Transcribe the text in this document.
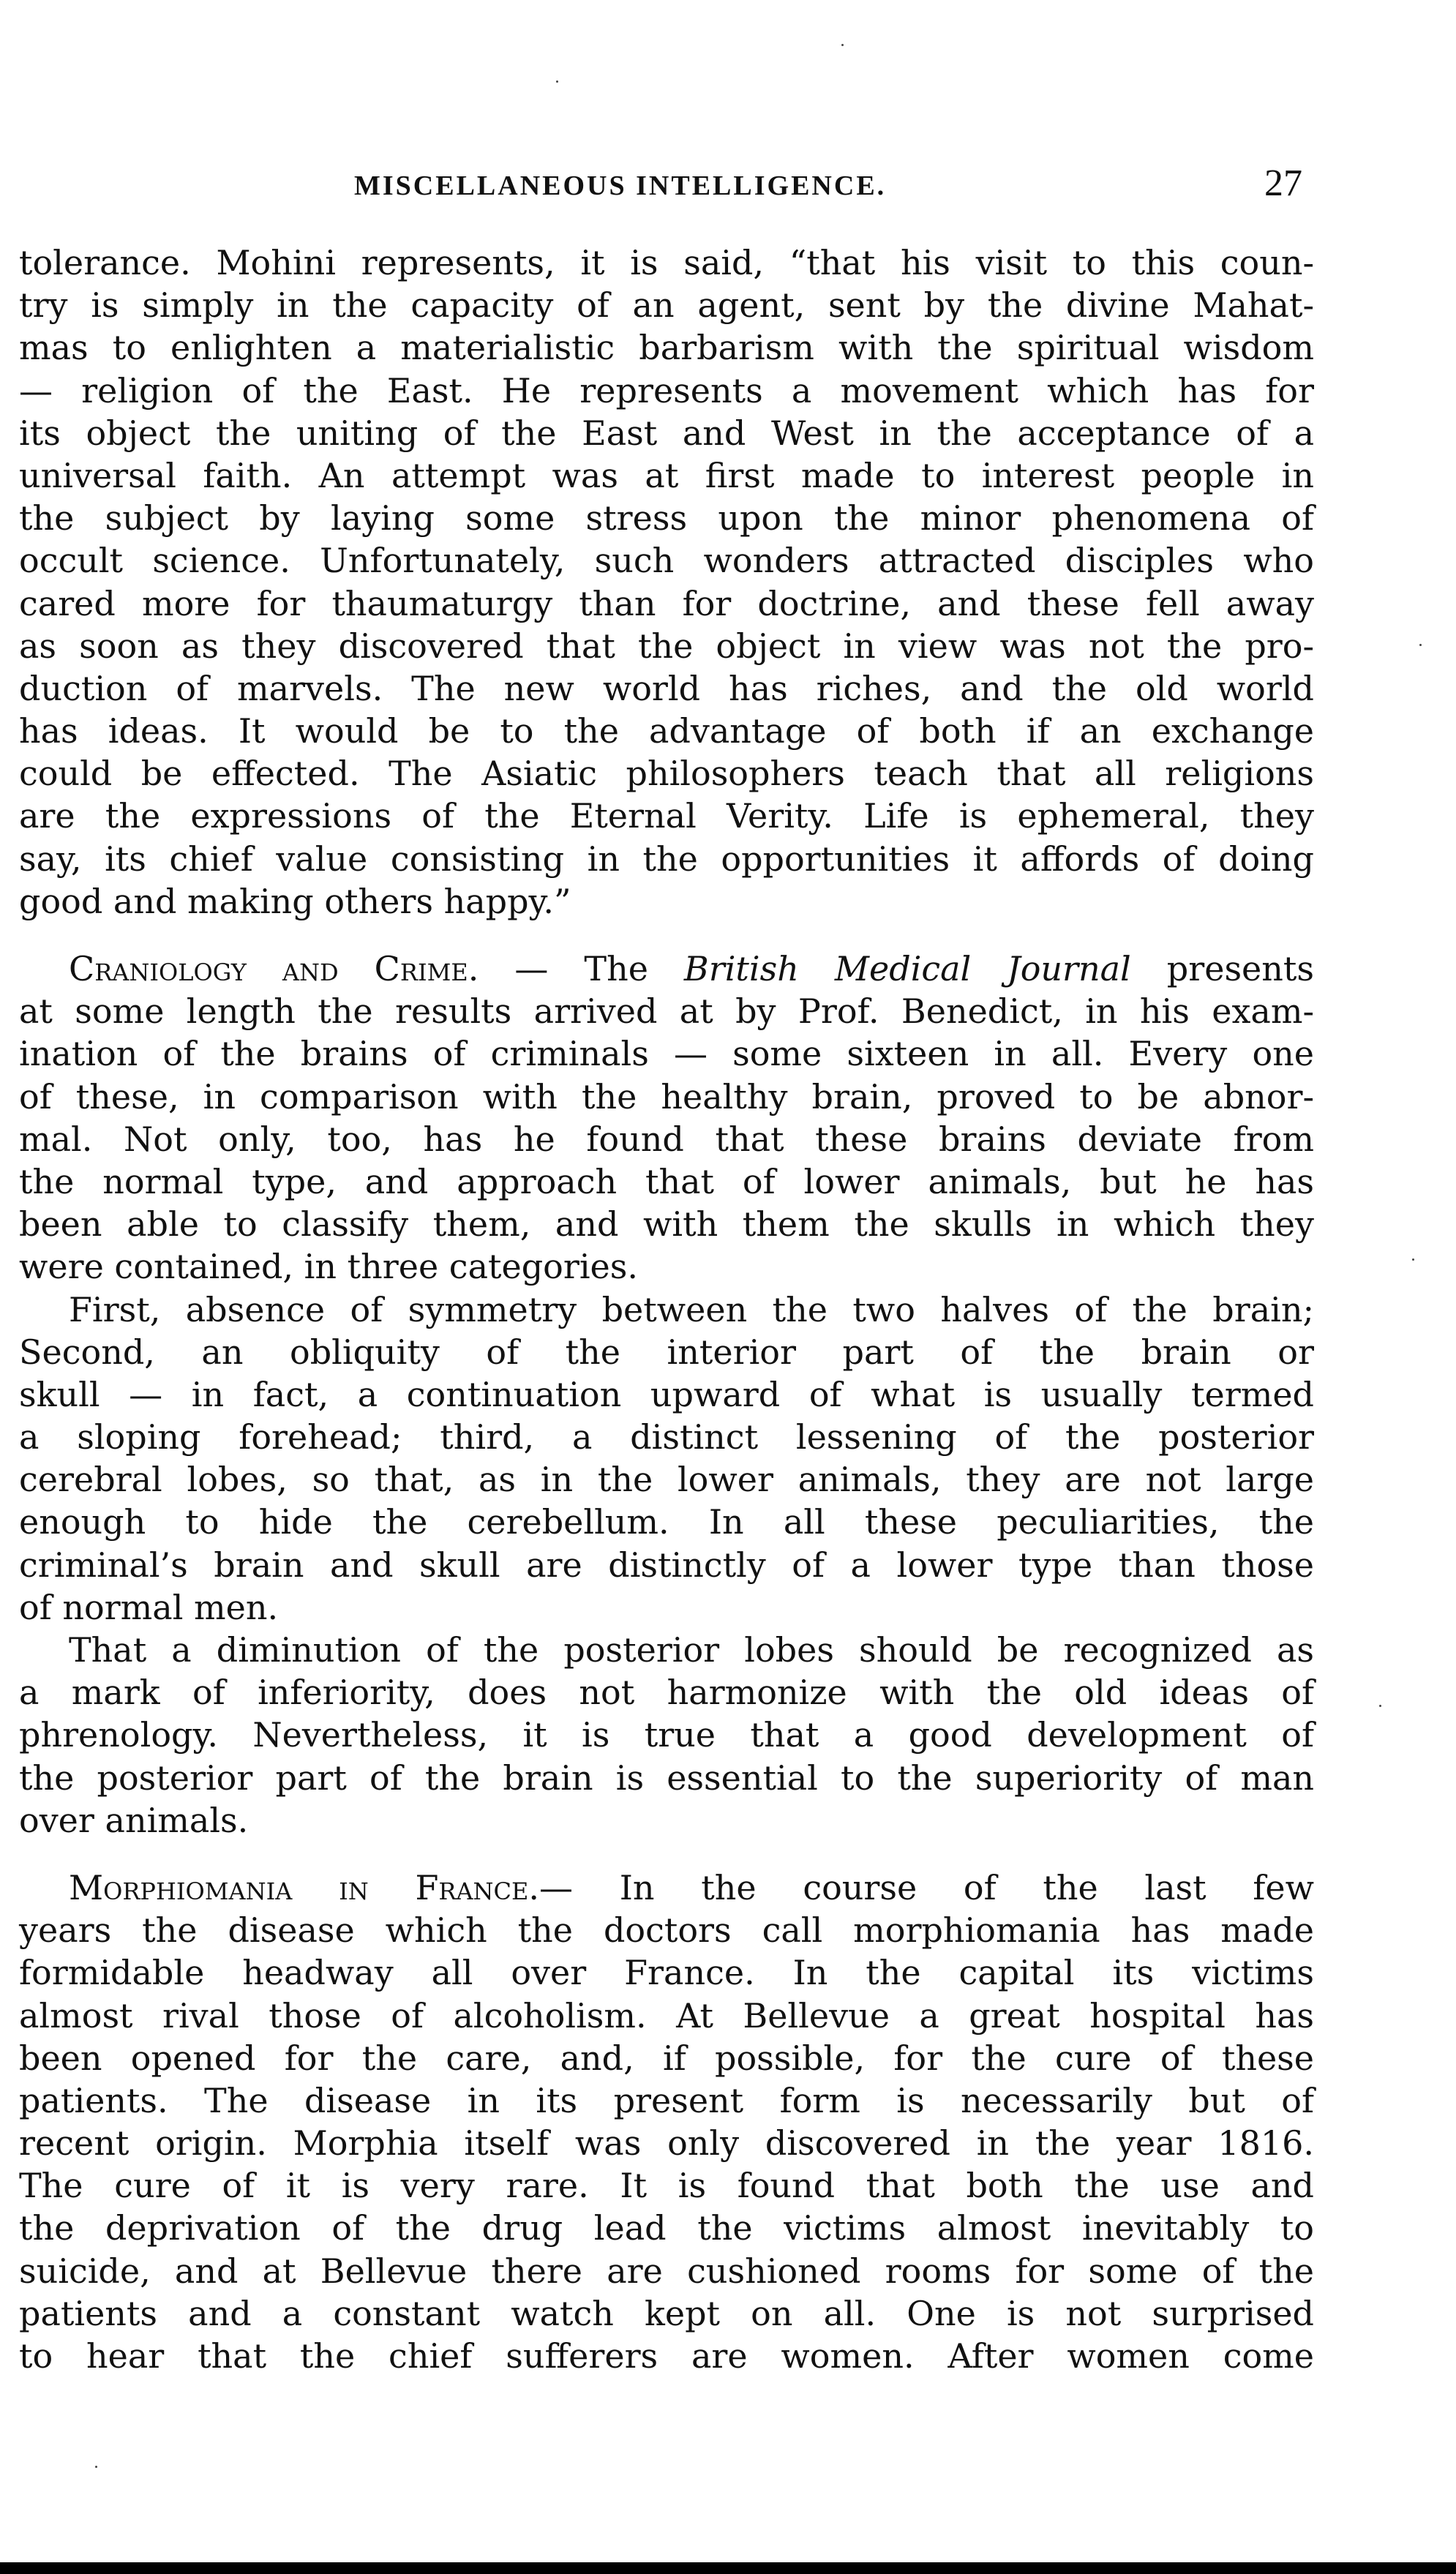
MISCELLANEOUS INTELLIGENCE.	27
tolerance. Mohini represents, it is said, “that his visit to this coun-
try is simply in the capacity of an agent, sent by the divine Mahat-
mas to enlighten a materialistic barbarism with the spiritual wisdom
— religion of the East. He represents a movement which has for
its object the uniting of the East and West in the acceptance of a
universal faith. An attempt was at first made to interest people in
the subject by laying some stress upon the minor phenomena of
occult science. Unfortunately, such wonders attracted disciples who
cared more for thaumaturgy than for doctrine, and these fell away
as soon as they discovered that the object in view was not the pro-
duction of marvels. The new world has riches, and the old world
has ideas. It would be to the advantage of both if an exchange
could be effected. The Asiatic philosophers teach that all religions
are the expressions of the Eternal Verity. Life is ephemeral, they
say, its chief value consisting in the opportunities it affords of doing
good and making others happy.”
Craniology and Crime. — The British Medical Journal presents
at some length the results arrived at by Prof. Benedict, in his exam-
ination of the brains of criminals — some sixteen in all. Every one
of these, in comparison with the healthy brain, proved to be abnor-
mal. Not only, too, has he found that these brains deviate from
the normal type, and approach that of lower animals, but he has
been able to classify them, and with them the skulls in which they
were contained, in three categories.
First, absence of symmetry between the two halves of the brain;
Second, an obliquity of the interior part of the brain or
skull — in fact, a continuation upward of what is usually termed
a sloping forehead; third, a distinct lessening of the posterior
cerebral lobes, so that, as in the lower animals, they are not large
enough to hide the cerebellum. In all these peculiarities, the
criminal’s brain and skull are distinctly of a lower type than those
of normal men.
That a diminution of the posterior lobes should be recognized as
a mark of inferiority, does not harmonize with the old ideas of
phrenology. Nevertheless, it is true that a good development of
the posterior part of the brain is essential to the superiority of man
over animals.
Morphiomania in France.— In the course of the last few
years the disease which the doctors call morphiomania has made
formidable headway all over France. In the capital its victims
almost rival those of alcoholism. At Bellevue a great hospital has
been opened for the care, and, if possible, for the cure of these
patients. The disease in its present form is necessarily but of
recent origin. Morphia itself was only discovered in the year 1816.
The cure of it is very rare. It is found that both the use and
the deprivation of the drug lead the victims almost inevitably to
suicide, and at Bellevue there are cushioned rooms for some of the
patients and a constant watch kept on all. One is not surprised
to hear that the chief sufferers are women. After women come
